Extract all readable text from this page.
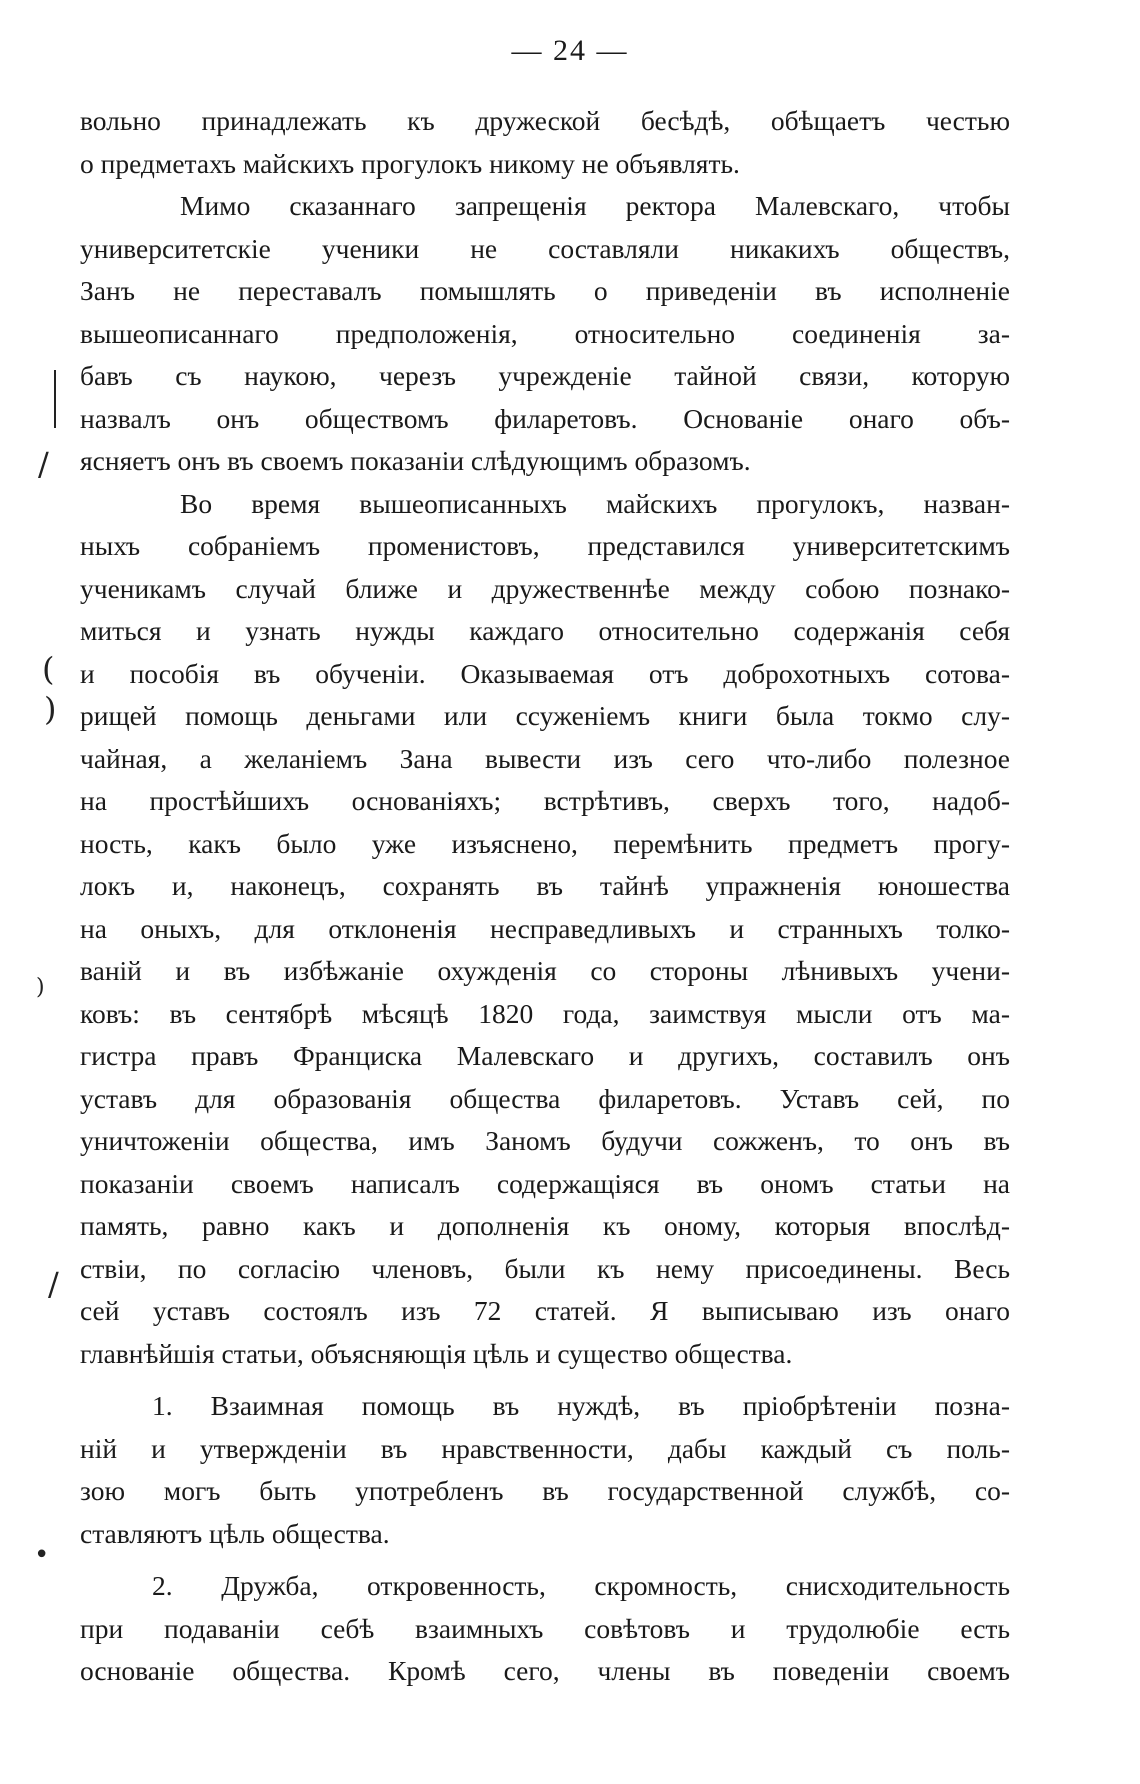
— 24 —
вольно принадлежать къ дружеской бесѣдѣ, обѣщаетъ честью
о предметахъ майскихъ прогулокъ никому не объявлять.
Мимо сказаннаго запрещенія ректора Малевскаго, чтобы
университетскіе ученики не составляли никакихъ обществъ,
Занъ не переставалъ помышлять о приведеніи въ исполненіе
вышеописаннаго предположенія, относительно соединенія за-
бавъ съ наукою, черезъ учрежденіе тайной связи, которую
назвалъ онъ обществомъ филаретовъ. Основаніе онаго объ-
ясняетъ онъ въ своемъ показаніи слѣдующимъ образомъ.
Во время вышеописанныхъ майскихъ прогулокъ, назван-
ныхъ собраніемъ променистовъ, представился университетскимъ
ученикамъ случай ближе и дружественнѣе между собою познако-
миться и узнать нужды каждаго относительно содержанія себя
и пособія въ обученіи. Оказываемая отъ доброхотныхъ сотова-
рищей помощь деньгами или ссуженіемъ книги была токмо слу-
чайная, а желаніемъ Зана вывести изъ сего что-либо полезное
на простѣйшихъ основаніяхъ; встрѣтивъ, сверхъ того, надоб-
ность, какъ было уже изъяснено, перемѣнить предметъ прогу-
локъ и, наконецъ, сохранять въ тайнѣ упражненія юношества
на оныхъ, для отклоненія несправедливыхъ и странныхъ толко-
ваній и въ избѣжаніе охужденія со стороны лѣнивыхъ учени-
ковъ: въ сентябрѣ мѣсяцѣ 1820 года, заимствуя мысли отъ ма-
гистра правъ Франциска Малевскаго и другихъ, составилъ онъ
уставъ для образованія общества филаретовъ. Уставъ сей, по
уничтоженіи общества, имъ Заномъ будучи сожженъ, то онъ въ
показаніи своемъ написалъ содержащіяся въ ономъ статьи на
память, равно какъ и дополненія къ оному, которыя впослѣд-
ствіи, по согласію членовъ, были къ нему присоединены. Весь
сей уставъ состоялъ изъ 72 статей. Я выписываю изъ онаго
главнѣйшія статьи, объясняющія цѣль и существо общества.
1. Взаимная помощь въ нуждѣ, въ пріобрѣтеніи позна-
ній и утвержденіи въ нравственности, дабы каждый съ поль-
зою могъ быть употребленъ въ государственной службѣ, со-
ставляютъ цѣль общества.
2. Дружба, откровенность, скромность, снисходительность
при подаваніи себѣ взаимныхъ совѣтовъ и трудолюбіе есть
основаніе общества. Кромѣ сего, члены въ поведеніи своемъ
/
(
)
)
/
•
